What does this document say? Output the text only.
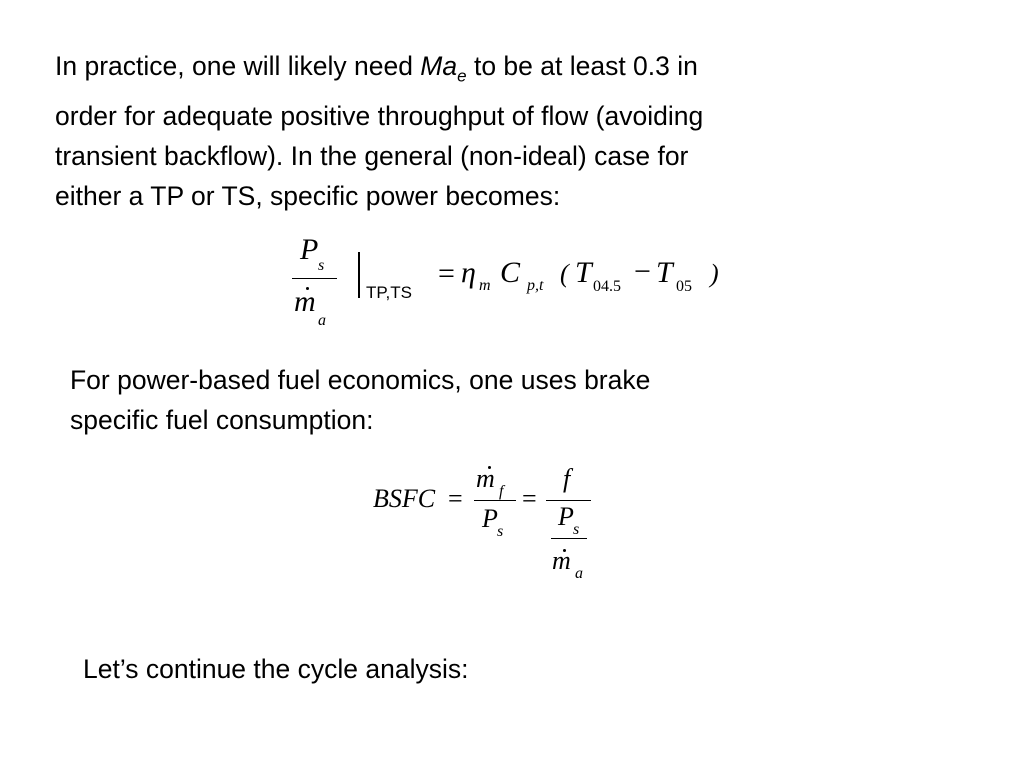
In practice, one will likely need $Ma_e$ to be at least 0.3 in
order for adequate positive throughput of flow (avoiding
transient backflow). In the general (non-ideal) case for
either a TP or TS, specific power becomes:
P s
m
a
TP,TS
= η m C p,t ( T 04.5 − T 05 )
For power-based fuel economics, one uses brake
specific fuel consumption:
BSFC =
m f
P s
=
f
P s
m a
Let’s continue the cycle analysis:
